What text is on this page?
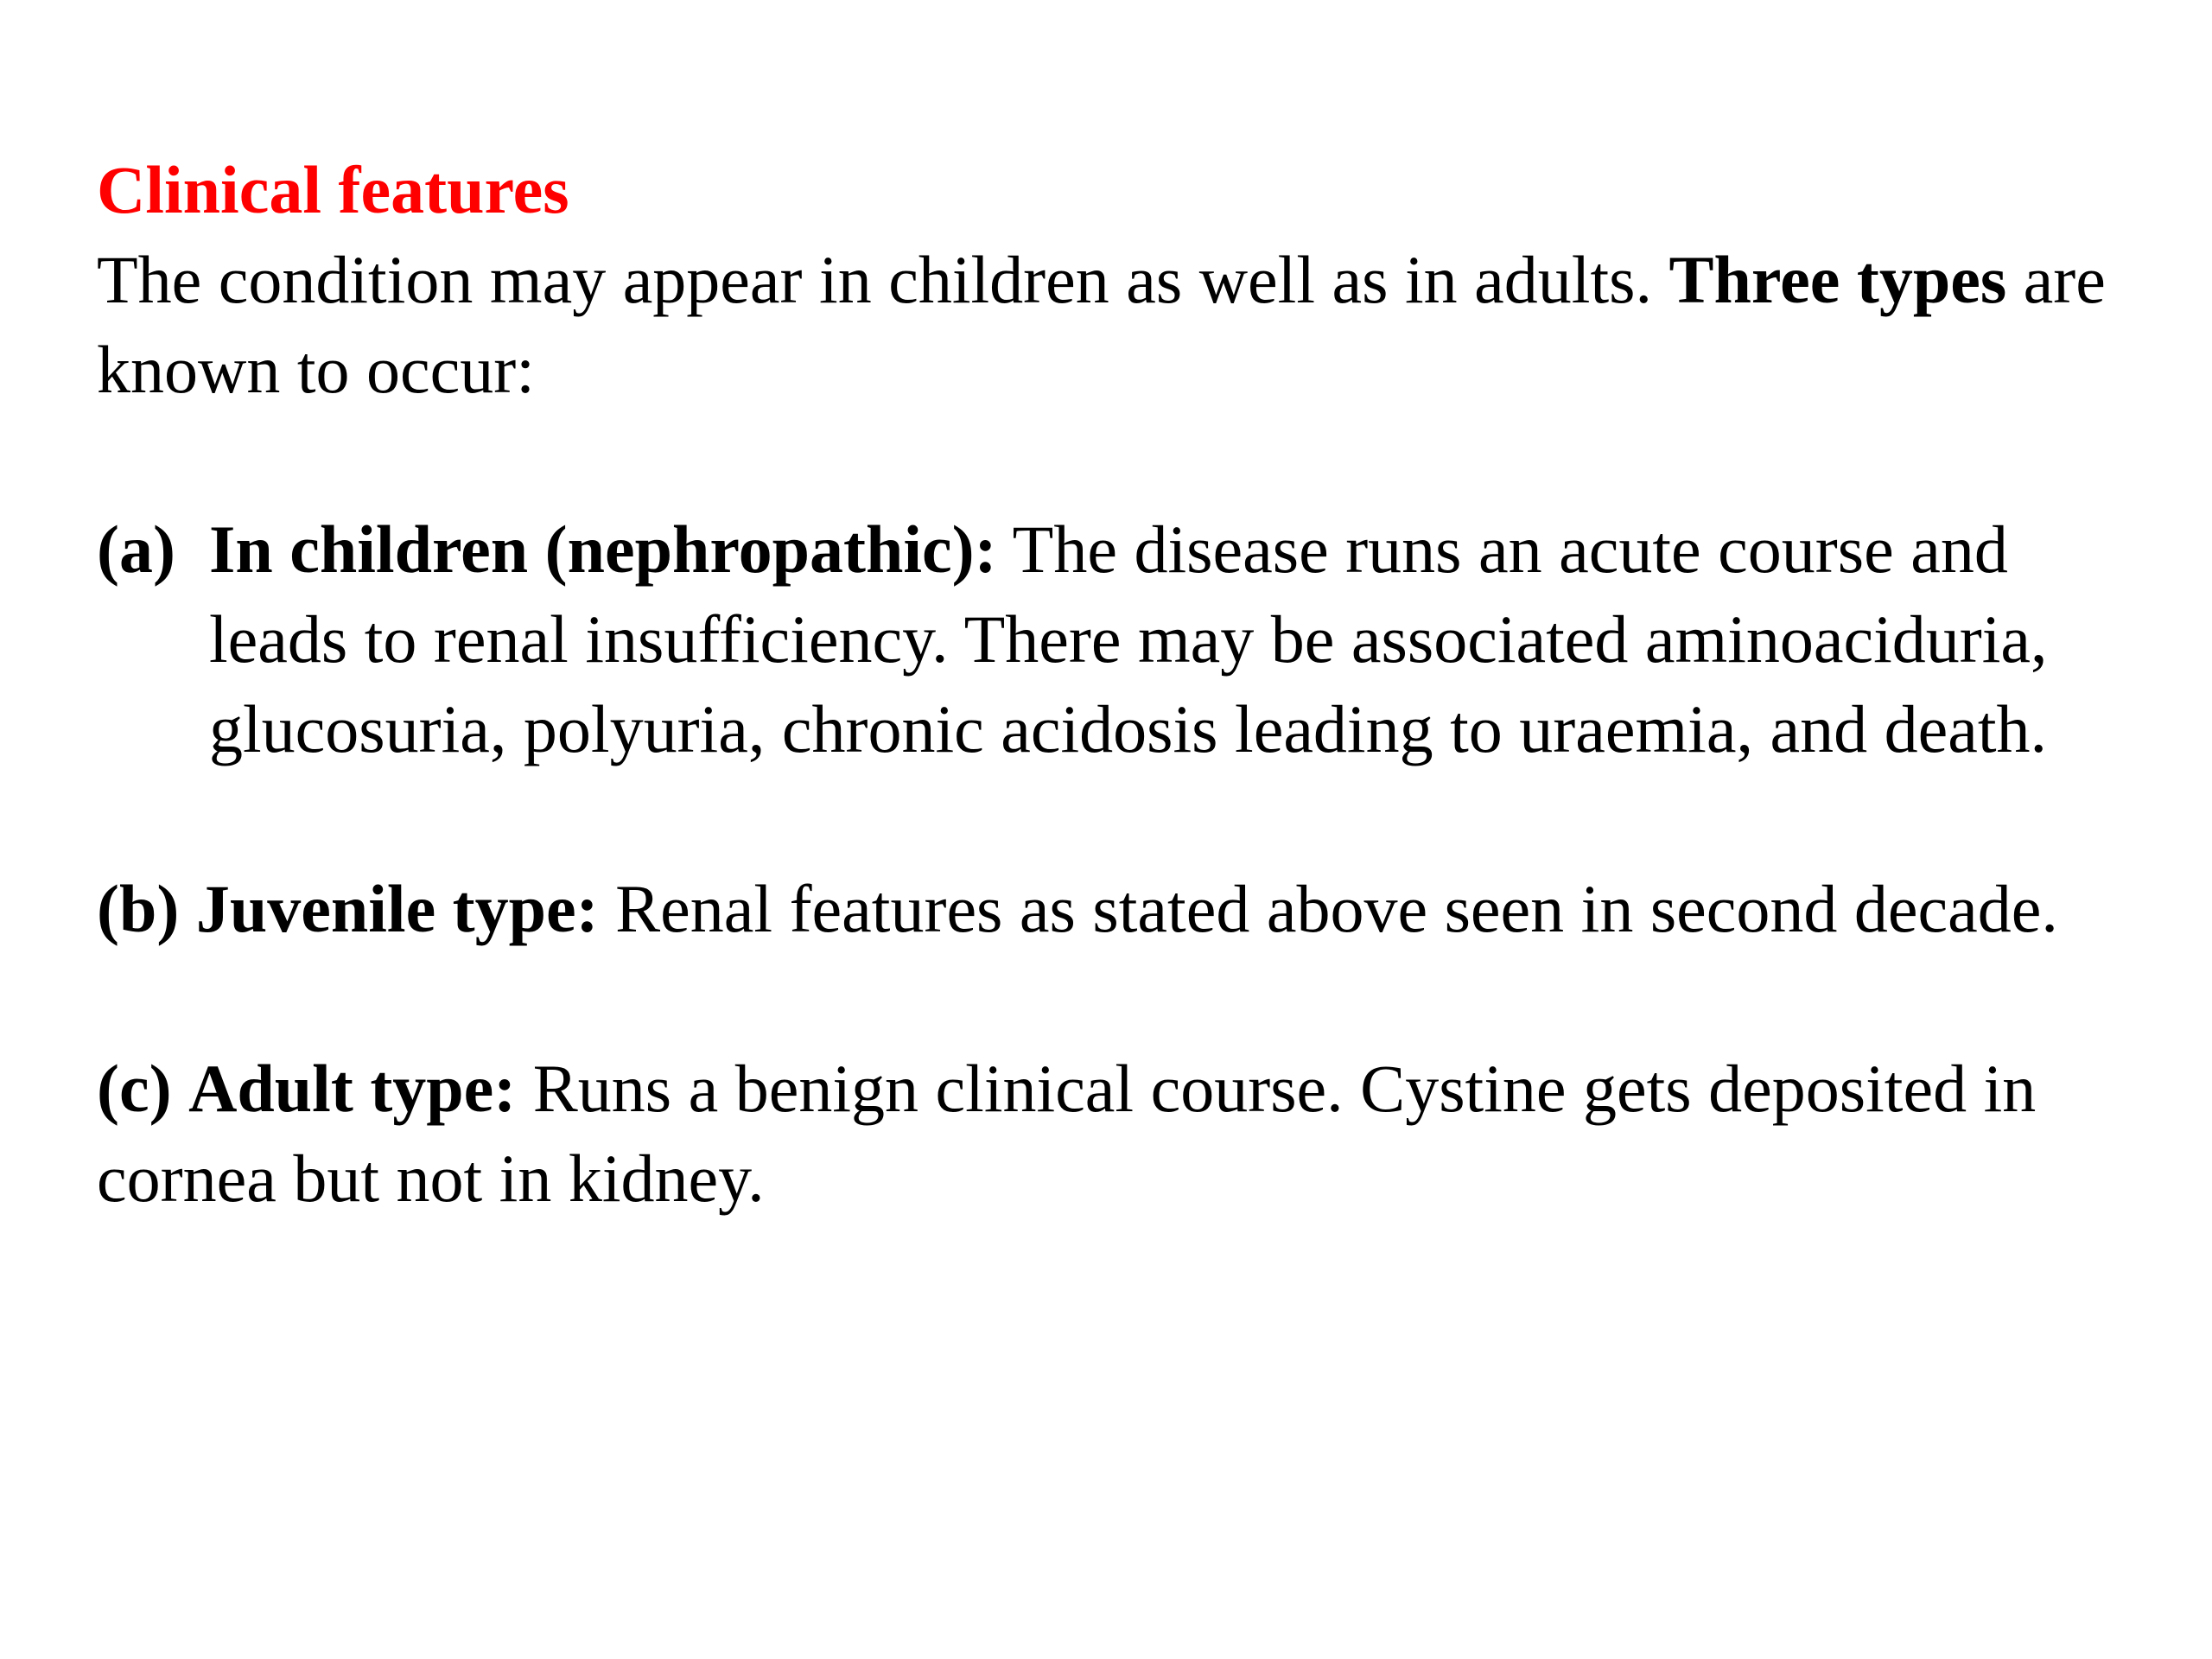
Clinical features

The condition may appear in children as well as in adults. Three types are known to occur:

(a) In children (nephropathic): The disease runs an acute course and leads to renal insufficiency. There may be associated aminoaciduria, glucosuria, polyuria, chronic acidosis leading to uraemia, and death.

(b) Juvenile type: Renal features as stated above seen in second decade.

(c) Adult type: Runs a benign clinical course. Cystine gets deposited in cornea but not in kidney.
